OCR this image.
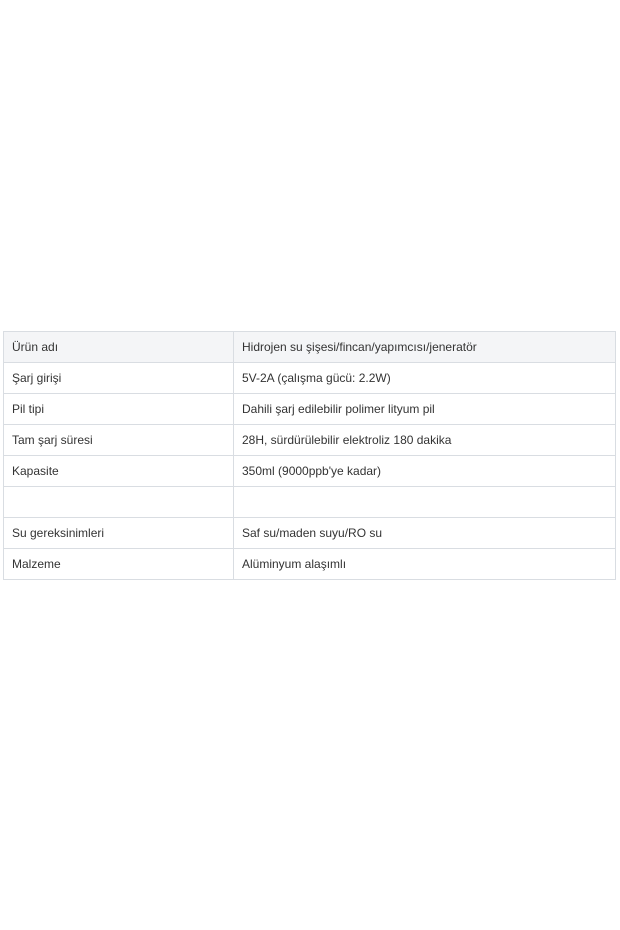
Ürün adı	Hidrojen su şişesi/fincan/yapımcısı/jeneratör
Şarj girişi	5V-2A (çalışma gücü: 2.2W)
Pil tipi	Dahili şarj edilebilir polimer lityum pil
Tam şarj süresi	28H, sürdürülebilir elektroliz 180 dakika
Kapasite	350ml (9000ppb'ye kadar)

Su gereksinimleri	Saf su/maden suyu/RO su
Malzeme	Alüminyum alaşımlı
